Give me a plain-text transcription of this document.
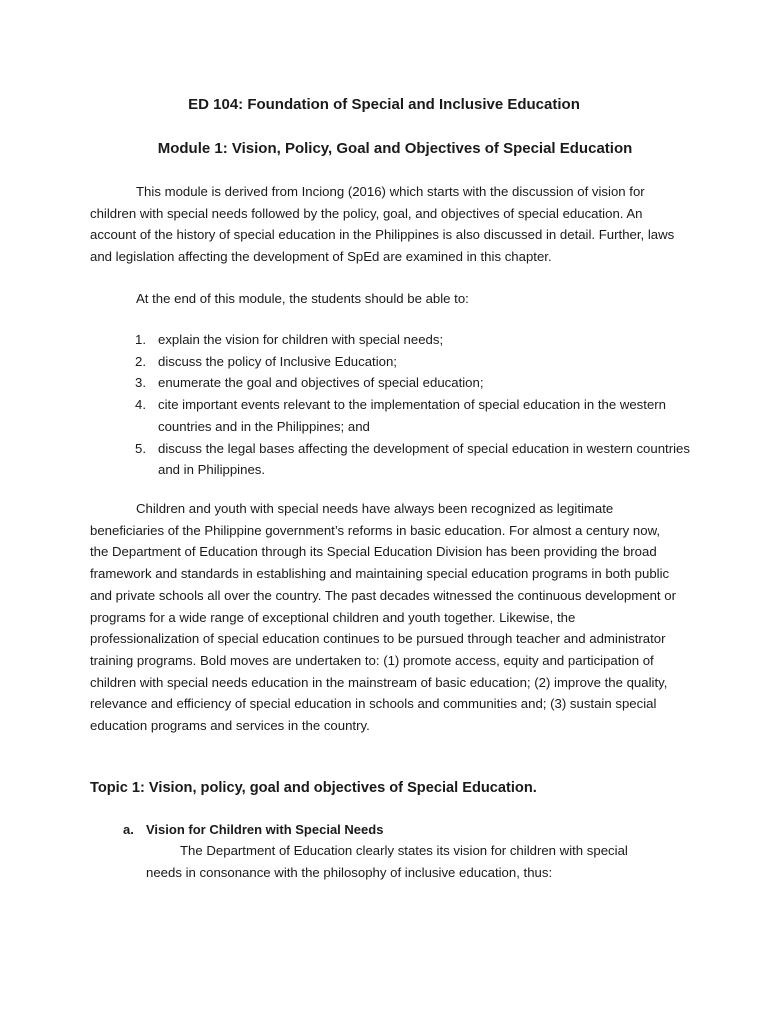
ED 104: Foundation of Special and Inclusive Education
Module 1: Vision, Policy, Goal and Objectives of Special Education

This module is derived from Inciong (2016) which starts with the discussion of vision for children with special needs followed by the policy, goal, and objectives of special education. An account of the history of special education in the Philippines is also discussed in detail. Further, laws and legislation affecting the development of SpEd are examined in this chapter.

At the end of this module, the students should be able to:

1. explain the vision for children with special needs;
2. discuss the policy of Inclusive Education;
3. enumerate the goal and objectives of special education;
4. cite important events relevant to the implementation of special education in the western countries and in the Philippines; and
5. discuss the legal bases affecting the development of special education in western countries and in Philippines.

Children and youth with special needs have always been recognized as legitimate beneficiaries of the Philippine government’s reforms in basic education. For almost a century now, the Department of Education through its Special Education Division has been providing the broad framework and standards in establishing and maintaining special education programs in both public and private schools all over the country. The past decades witnessed the continuous development or programs for a wide range of exceptional children and youth together. Likewise, the professionalization of special education continues to be pursued through teacher and administrator training programs. Bold moves are undertaken to: (1) promote access, equity and participation of children with special needs education in the mainstream of basic education; (2) improve the quality, relevance and efficiency of special education in schools and communities and; (3) sustain special education programs and services in the country.

Topic 1: Vision, policy, goal and objectives of Special Education.
a. Vision for Children with Special Needs

The Department of Education clearly states its vision for children with special needs in consonance with the philosophy of inclusive education, thus:
